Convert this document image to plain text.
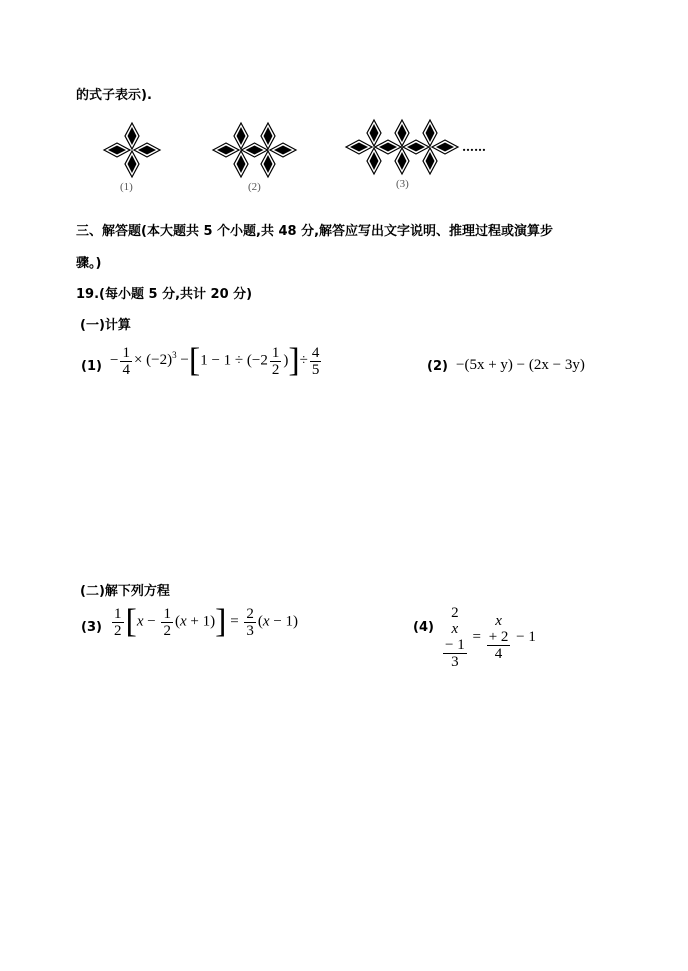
的式子表示).
(1)	(2)	(3)
……
三、解答题(本大题共 5 个小题,共 48 分,解答应写出文字说明、推理过程或演算步
骤。)
19.(每小题 5 分,共计 20 分)
(一)计算
$(1) - \frac{1}{4} \times (-2)^3 -[1 - 1 \div (-2 \frac{1}{2}$ )]÷ $\frac{4}{5}$	(2) −(5x + y) − (2x − 3y)
(二)解下列方程
$(3) \frac{1}{2} [x - \frac{1}{2} (x + 1)] = \frac{2}{3} (x - 1)$	(4) 2
x
− 1
3 = x
+ 2
4 − 1
